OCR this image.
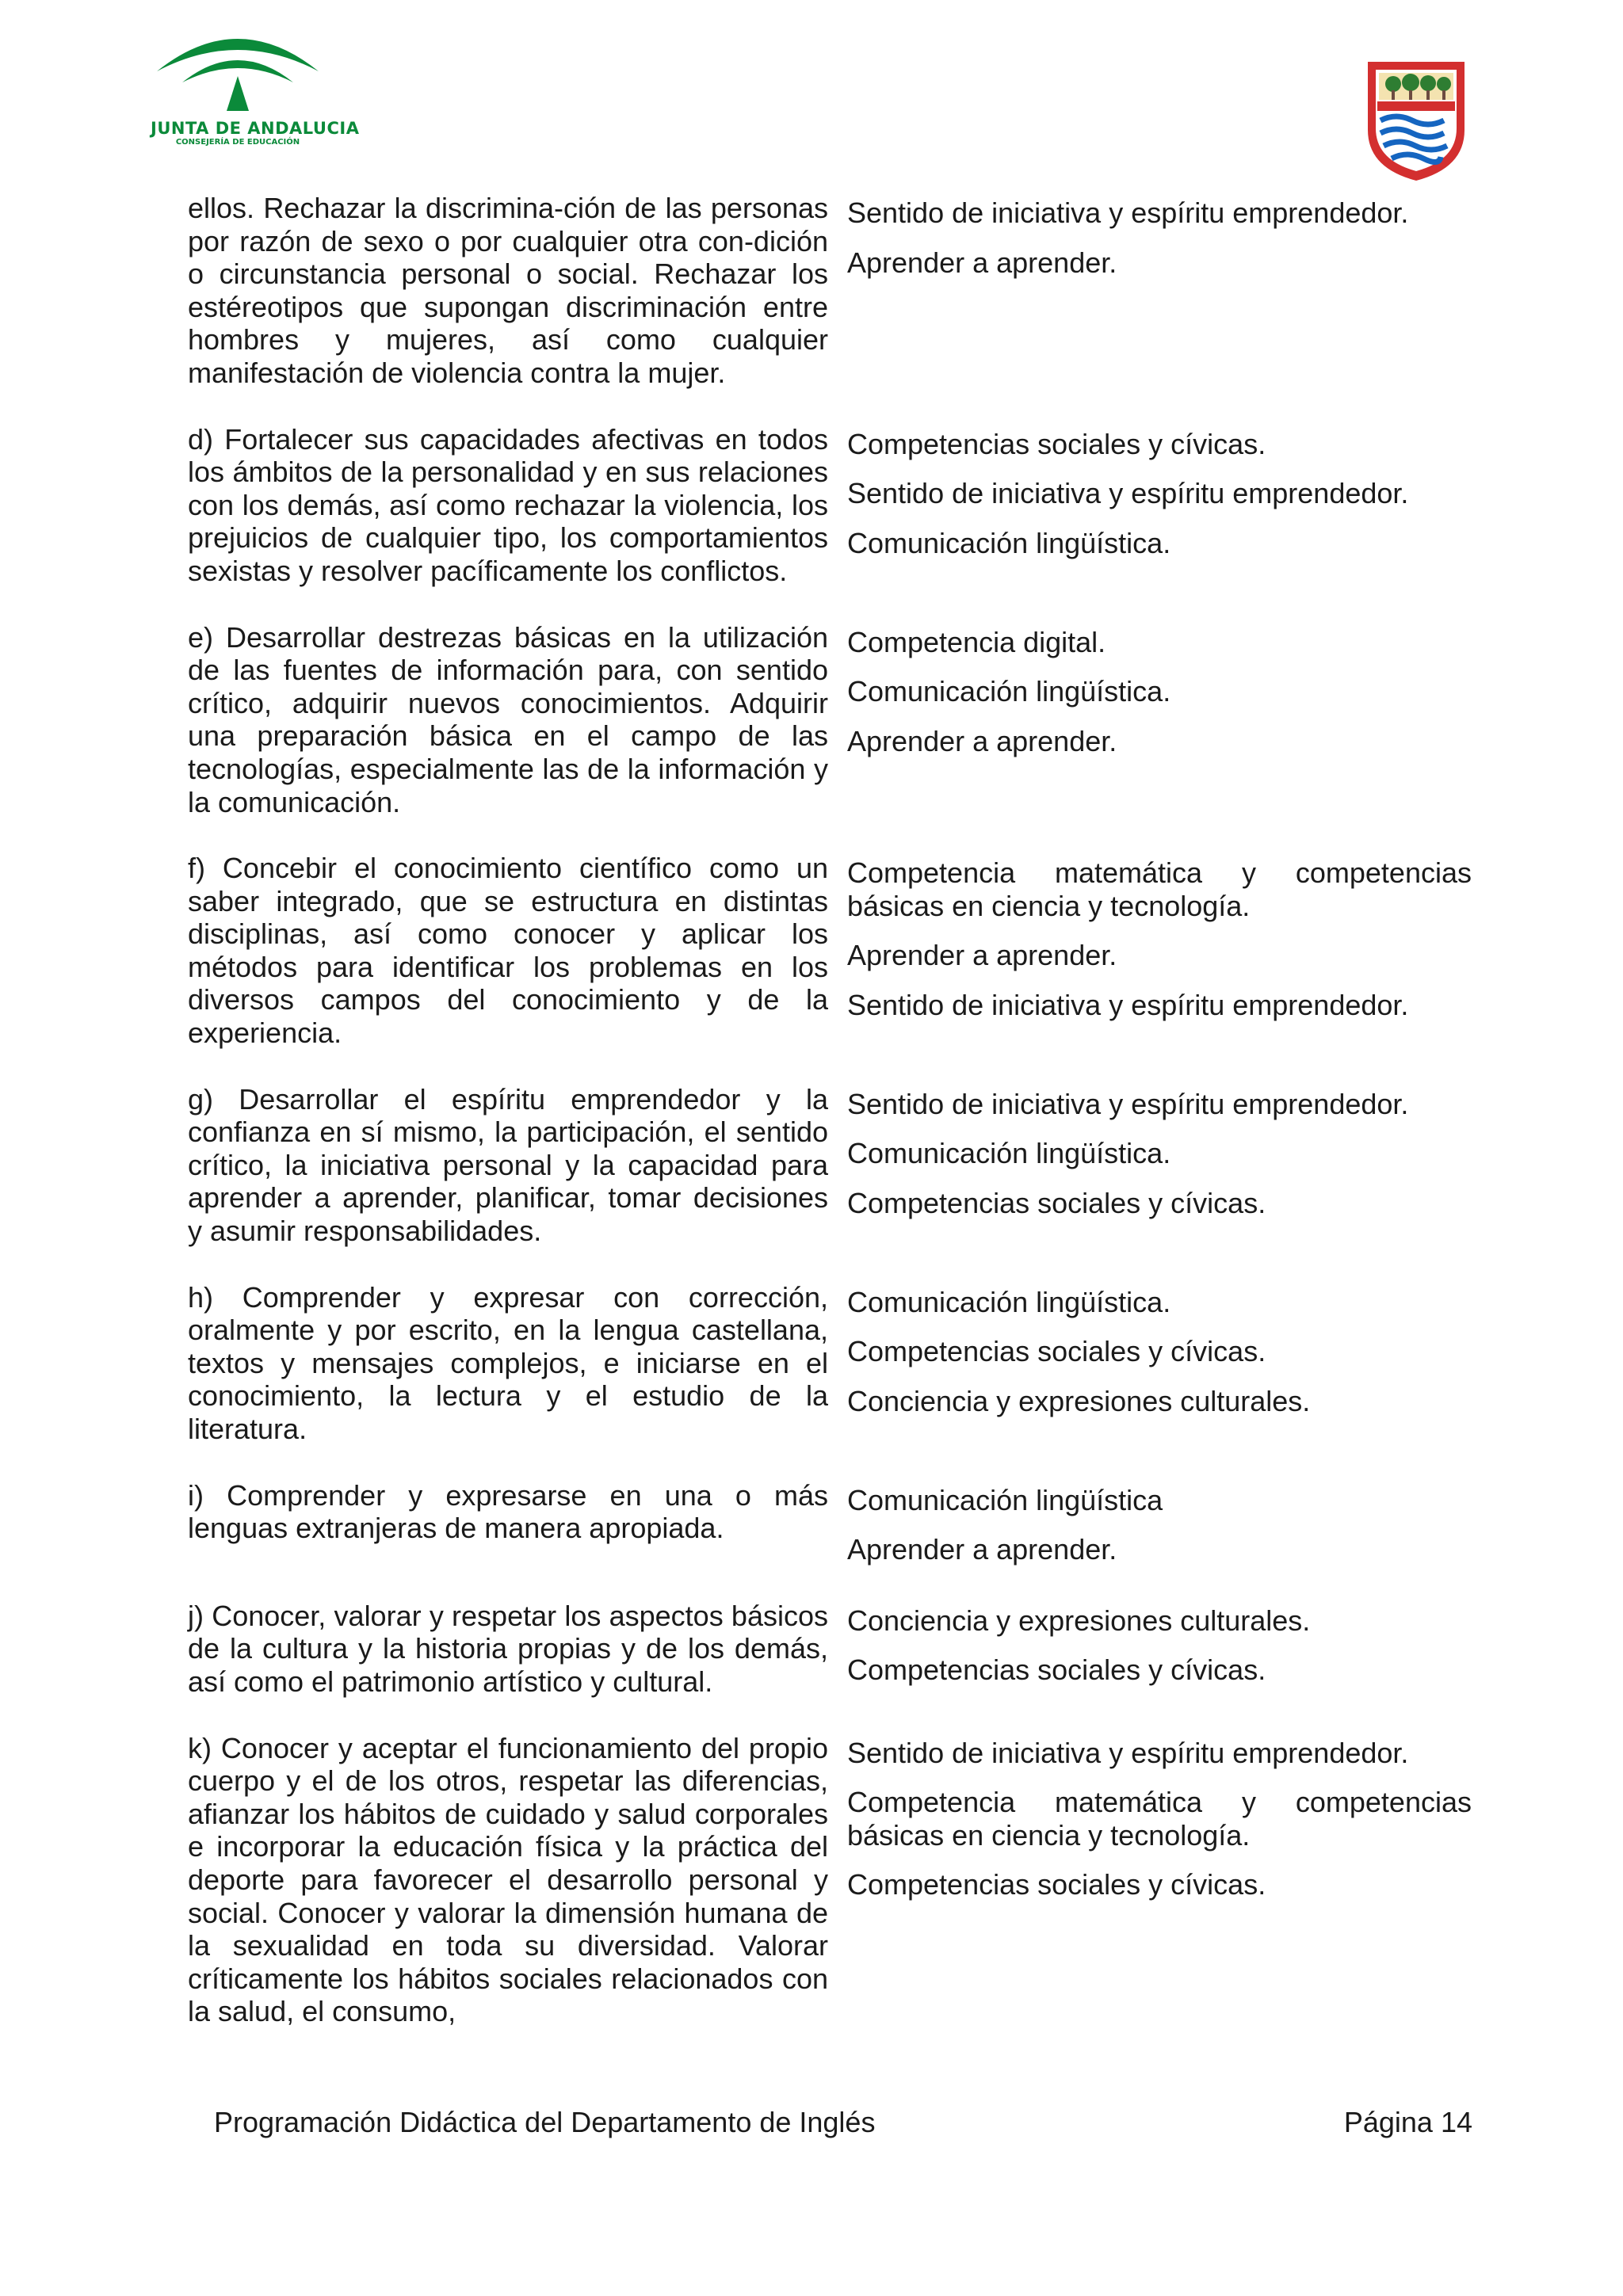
JUNTA DE ANDALUCIA
CONSEJERÍA DE EDUCACIÓN
ellos. Rechazar la discrimina-ción de las personas por razón de sexo o por cualquier otra con-dición o circunstancia personal o social. Rechazar los estéreotipos que supongan discriminación entre hombres y mujeres, así como cualquier manifestación de violencia contra la mujer.
Sentido de iniciativa y espíritu emprendedor.
Aprender a aprender.
d) Fortalecer sus capacidades afectivas en todos los ámbitos de la personalidad y en sus relaciones con los demás, así como rechazar la violencia, los prejuicios de cualquier tipo, los comportamientos sexistas y resolver pacíficamente los conflictos.
Competencias sociales y cívicas.
Sentido de iniciativa y espíritu emprendedor.
Comunicación lingüística.
e) Desarrollar destrezas básicas en la utilización de las fuentes de información para, con sentido crítico, adquirir nuevos conocimientos. Adquirir una preparación básica en el campo de las tecnologías, especialmente las de la información y la comunicación.
Competencia digital.
Comunicación lingüística.
Aprender a aprender.
f) Concebir el conocimiento científico como un saber integrado, que se estructura en distintas disciplinas, así como conocer y aplicar los métodos para identificar los problemas en los diversos campos del conocimiento y de la experiencia.
Competencia matemática y competencias básicas en ciencia y tecnología.
Aprender a aprender.
Sentido de iniciativa y espíritu emprendedor.
g) Desarrollar el espíritu emprendedor y la confianza en sí mismo, la participación, el sentido crítico, la iniciativa personal y la capacidad para aprender a aprender, planificar, tomar decisiones y asumir responsabilidades.
Sentido de iniciativa y espíritu emprendedor.
Comunicación lingüística.
Competencias sociales y cívicas.
h) Comprender y expresar con corrección, oralmente y por escrito, en la lengua castellana, textos y mensajes complejos, e iniciarse en el conocimiento, la lectura y el estudio de la literatura.
Comunicación lingüística.
Competencias sociales y cívicas.
Conciencia y expresiones culturales.
i) Comprender y expresarse en una o más lenguas extranjeras de manera apropiada.
Comunicación lingüística
Aprender a aprender.
j) Conocer, valorar y respetar los aspectos básicos de la cultura y la historia propias y de los demás, así como el patrimonio artístico y cultural.
Conciencia y expresiones culturales.
Competencias sociales y cívicas.
k) Conocer y aceptar el funcionamiento del propio cuerpo y el de los otros, respetar las diferencias, afianzar los hábitos de cuidado y salud corporales e incorporar la educación física y la práctica del deporte para favorecer el desarrollo personal y social. Conocer y valorar la dimensión humana de la sexualidad en toda su diversidad. Valorar críticamente los hábitos sociales relacionados con la salud, el consumo,
Sentido de iniciativa y espíritu emprendedor.
Competencia matemática y competencias básicas en ciencia y tecnología.
Competencias sociales y cívicas.
Programación Didáctica del Departamento de Inglés	Página 14
